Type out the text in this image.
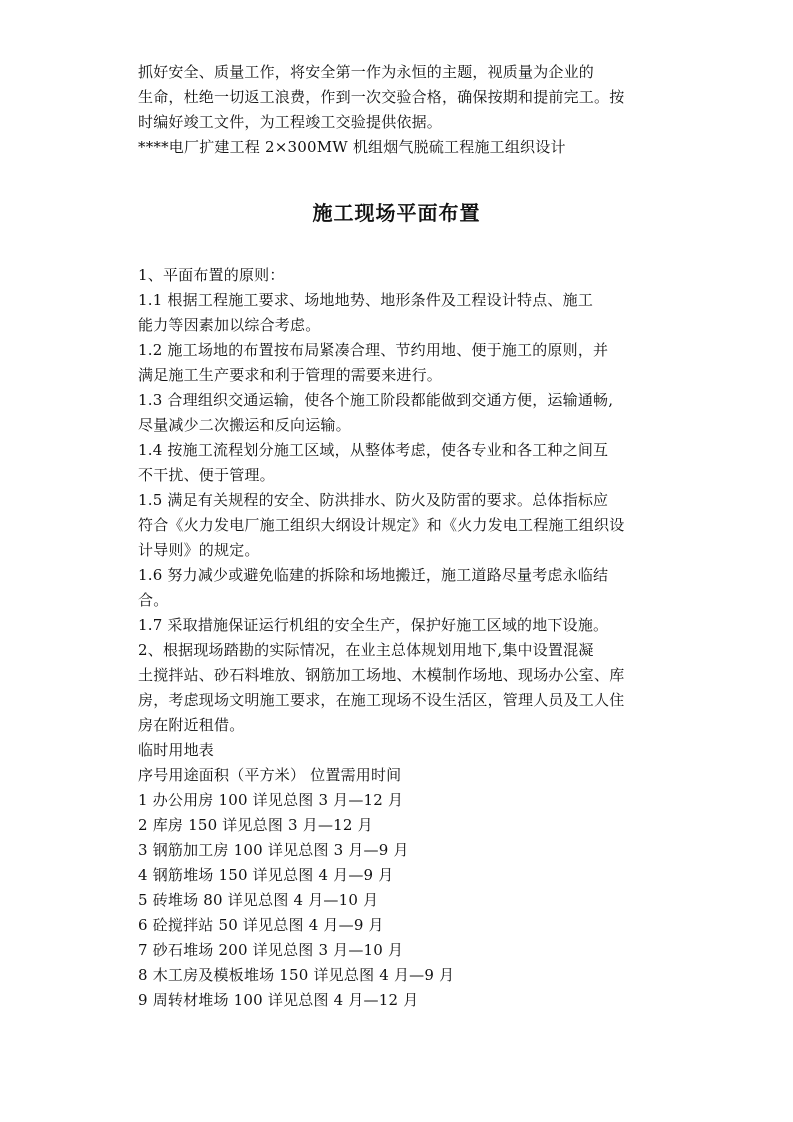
抓好安全、质量工作，将安全第一作为永恒的主题，视质量为企业的
生命，杜绝一切返工浪费，作到一次交验合格，确保按期和提前完工。按
时编好竣工文件，为工程竣工交验提供依据。
****电厂扩建工程 2×300MW 机组烟气脱硫工程施工组织设计
施工现场平面布置
1、平面布置的原则：
1.1 根据工程施工要求、场地地势、地形条件及工程设计特点、施工
能力等因素加以综合考虑。
1.2 施工场地的布置按布局紧凑合理、节约用地、便于施工的原则，并
满足施工生产要求和利于管理的需要来进行。
1.3 合理组织交通运输，使各个施工阶段都能做到交通方便，运输通畅,
尽量减少二次搬运和反向运输。
1.4 按施工流程划分施工区域，从整体考虑，使各专业和各工种之间互
不干扰、便于管理。
1.5 满足有关规程的安全、防洪排水、防火及防雷的要求。总体指标应
符合《火力发电厂施工组织大纲设计规定》和《火力发电工程施工组织设
计导则》的规定。
1.6 努力减少或避免临建的拆除和场地搬迁，施工道路尽量考虑永临结
合。
1.7 采取措施保证运行机组的安全生产，保护好施工区域的地下设施。
2、根据现场踏勘的实际情况，在业主总体规划用地下,集中设置混凝
土搅拌站、砂石料堆放、钢筋加工场地、木模制作场地、现场办公室、库
房，考虑现场文明施工要求，在施工现场不设生活区，管理人员及工人住
房在附近租借。
临时用地表
序号用途面积（平方米） 位置需用时间
1 办公用房 100 详见总图 3 月—12 月
2 库房 150 详见总图 3 月—12 月
3 钢筋加工房 100 详见总图 3 月—9 月
4 钢筋堆场 150 详见总图 4 月—9 月
5 砖堆场 80 详见总图 4 月—10 月
6 砼搅拌站 50 详见总图 4 月—9 月
7 砂石堆场 200 详见总图 3 月—10 月
8 木工房及模板堆场 150 详见总图 4 月—9 月
9 周转材堆场 100 详见总图 4 月—12 月
